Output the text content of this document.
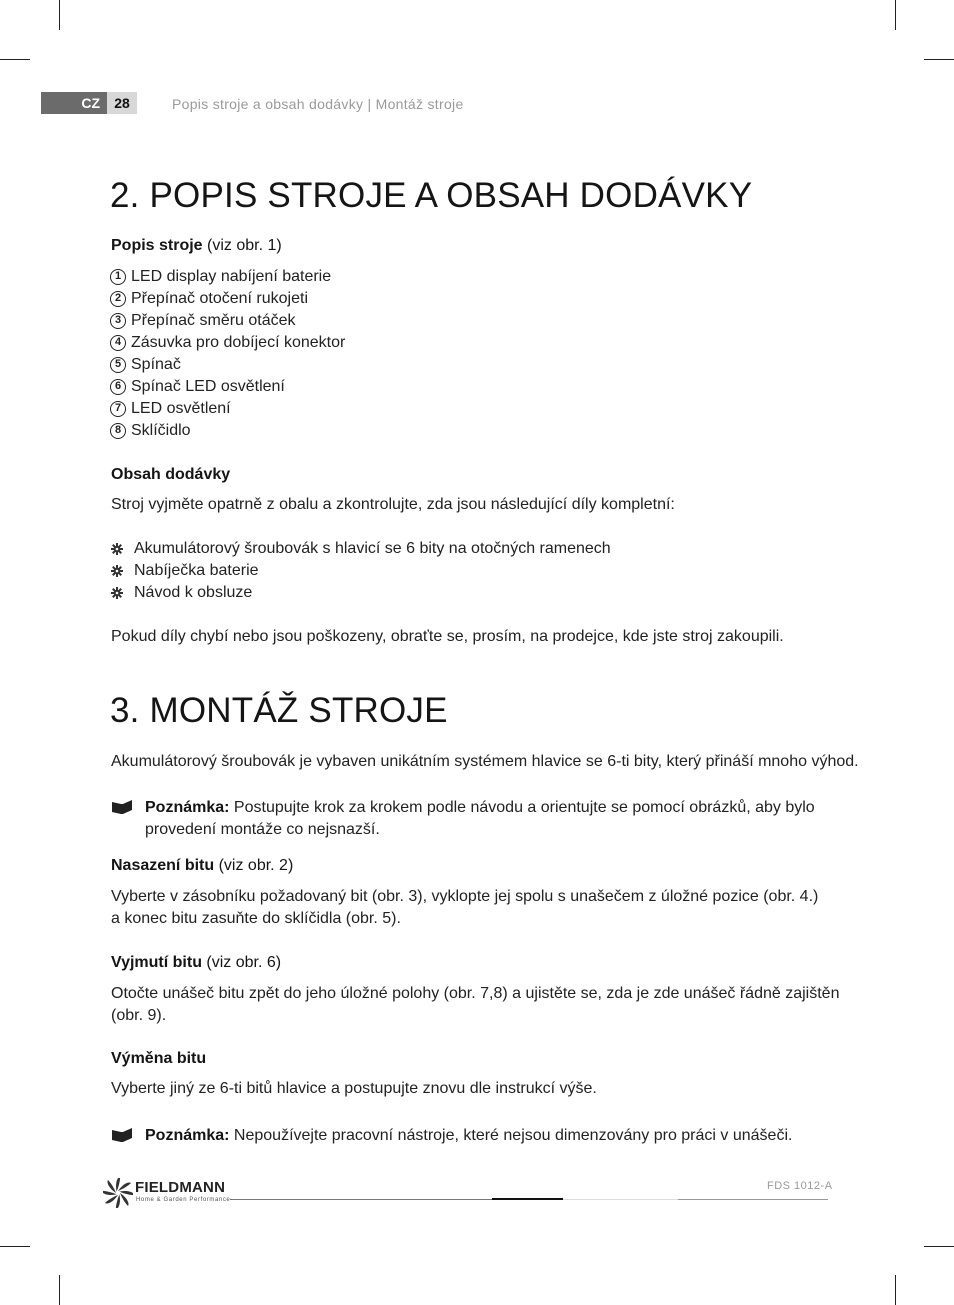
CZ	28	Popis stroje a obsah dodávky | Montáž stroje
2. POPIS STROJE A OBSAH DODÁVKY
Popis stroje (viz obr. 1)
1 LED display nabíjení baterie
2 Přepínač otočení rukojeti
3 Přepínač směru otáček
4 Zásuvka pro dobíjecí konektor
5 Spínač
6 Spínač LED osvětlení
7 LED osvětlení
8 Sklíčidlo
Obsah dodávky
Stroj vyjměte opatrně z obalu a zkontrolujte, zda jsou následující díly kompletní:
Akumulátorový šroubovák s hlavicí se 6 bity na otočných ramenech
Nabíječka baterie
Návod k obsluze
Pokud díly chybí nebo jsou poškozeny, obraťte se, prosím, na prodejce, kde jste stroj zakoupili.
3. MONTÁŽ STROJE
Akumulátorový šroubovák je vybaven unikátním systémem hlavice se 6-ti bity, který přináší mnoho výhod.
Poznámka: Postupujte krok za krokem podle návodu a orientujte se pomocí obrázků, aby bylo
provedení montáže co nejsnazší.
Nasazení bitu (viz obr. 2)
Vyberte v zásobníku požadovaný bit (obr. 3), vyklopte jej spolu s unašečem z úložné pozice (obr. 4.)
a konec bitu zasuňte do sklíčidla (obr. 5).
Vyjmutí bitu (viz obr. 6)
Otočte unášeč bitu zpět do jeho úložné polohy (obr. 7,8) a ujistěte se, zda je zde unášeč řádně zajištěn
(obr. 9).
Výměna bitu
Vyberte jiný ze 6-ti bitů hlavice a postupujte znovu dle instrukcí výše.
Poznámka: Nepoužívejte pracovní nástroje, které nejsou dimenzovány pro práci v unášeči.
FIELDMANN
Home & Garden Performance
FDS 1012-A
